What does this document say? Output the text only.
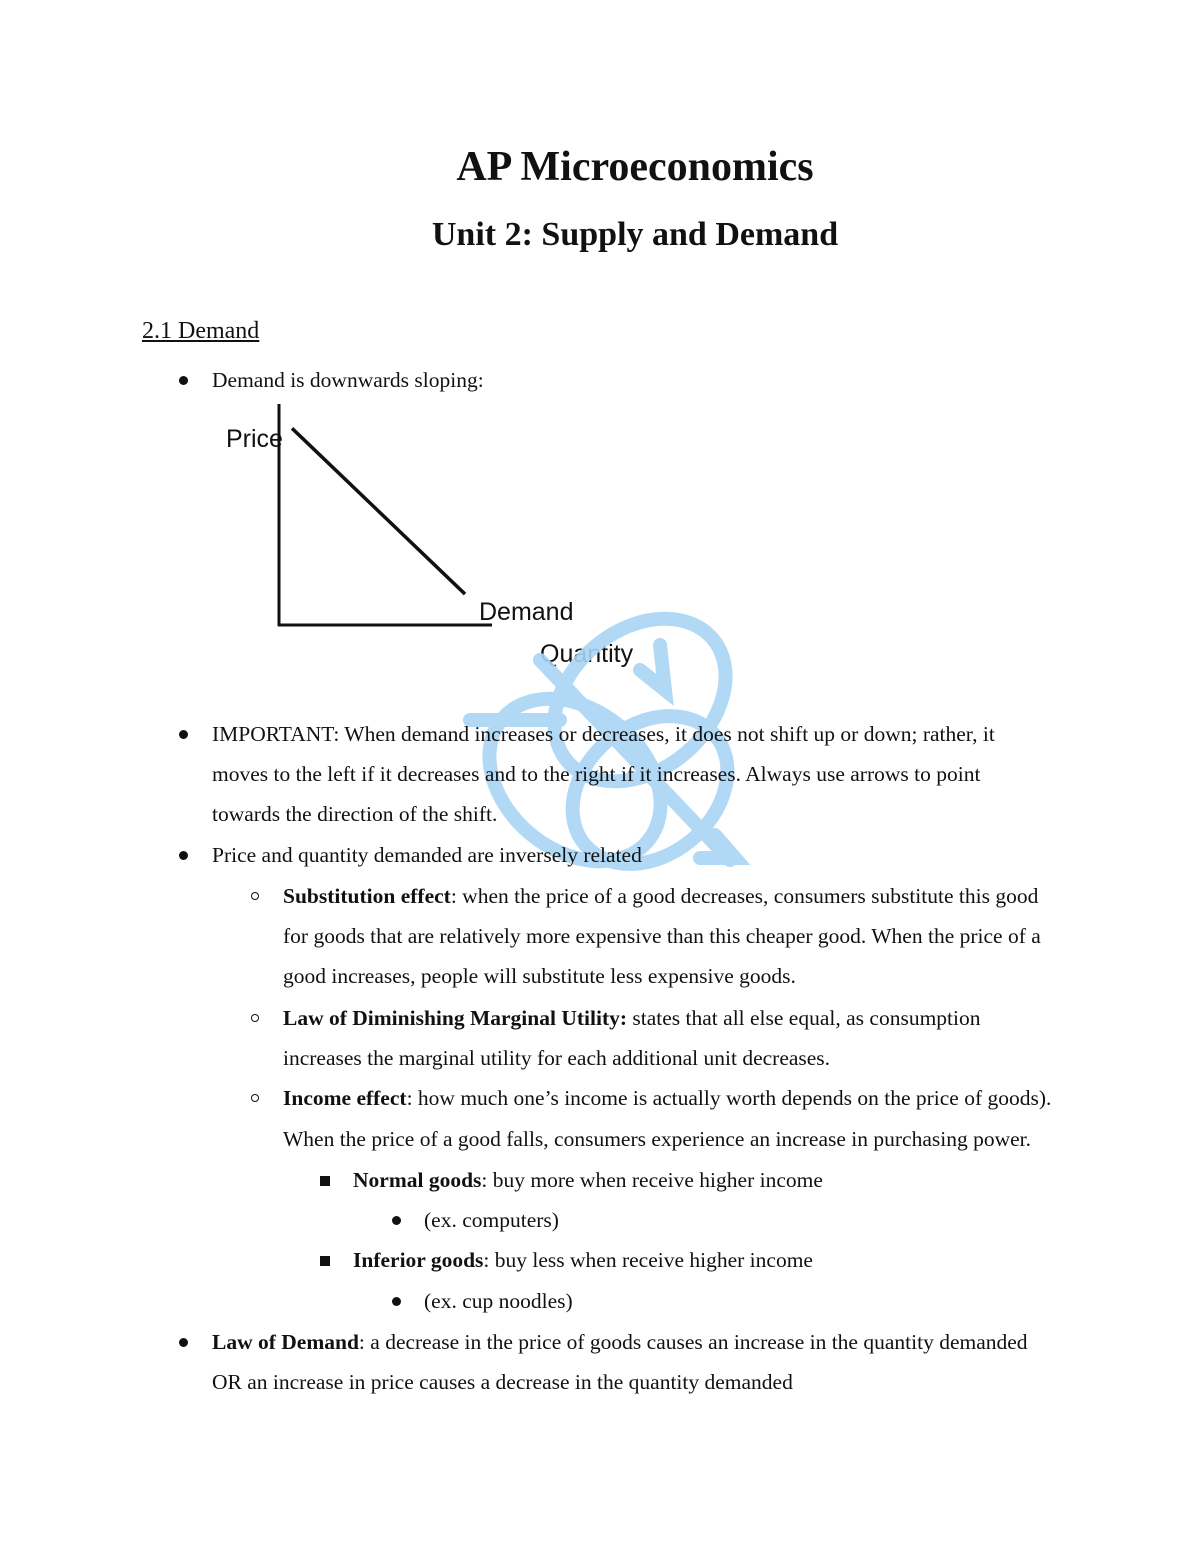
AP Microeconomics
Unit 2: Supply and Demand
2.1 Demand
Demand is downwards sloping:
Price
Demand
Quantity
IMPORTANT: When demand increases or decreases, it does not shift up or down; rather, it
moves to the left if it decreases and to the right if it increases. Always use arrows to point
towards the direction of the shift.
Price and quantity demanded are inversely related
Substitution effect: when the price of a good decreases, consumers substitute this good
for goods that are relatively more expensive than this cheaper good. When the price of a
good increases, people will substitute less expensive goods.
Law of Diminishing Marginal Utility: states that all else equal, as consumption
increases the marginal utility for each additional unit decreases.
Income effect: how much one’s income is actually worth depends on the price of goods).
When the price of a good falls, consumers experience an increase in purchasing power.
Normal goods: buy more when receive higher income
(ex. computers)
Inferior goods: buy less when receive higher income
(ex. cup noodles)
Law of Demand: a decrease in the price of goods causes an increase in the quantity demanded
OR an increase in price causes a decrease in the quantity demanded
